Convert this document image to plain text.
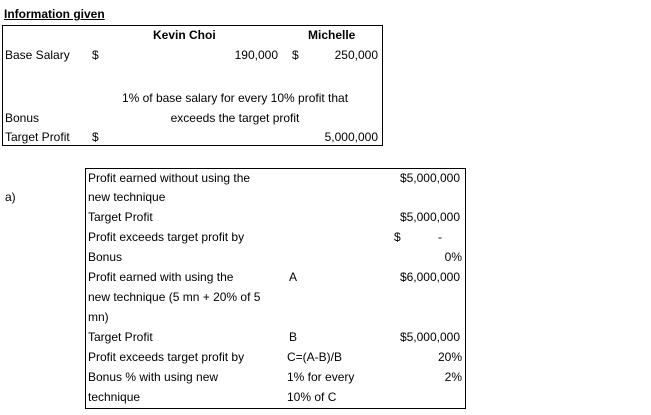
Information given
Kevin Choi	Michelle
Base Salary $	190,000 $	250,000
1% of base salary for every 10% profit that
Bonus	exceeds the target profit
Target Profit $	5,000,000
a)
Profit earned without using the	$5,000,000
new technique
Target Profit	$5,000,000
Profit exceeds target profit by	$	-
Bonus	0%
Profit earned with using the	A	$6,000,000
new technique (5 mn + 20% of 5
mn)
Target Profit	B	$5,000,000
Profit exceeds target profit by	C=(A-B)/B	20%
Bonus % with using new	1% for every	2%
technique	10% of C
